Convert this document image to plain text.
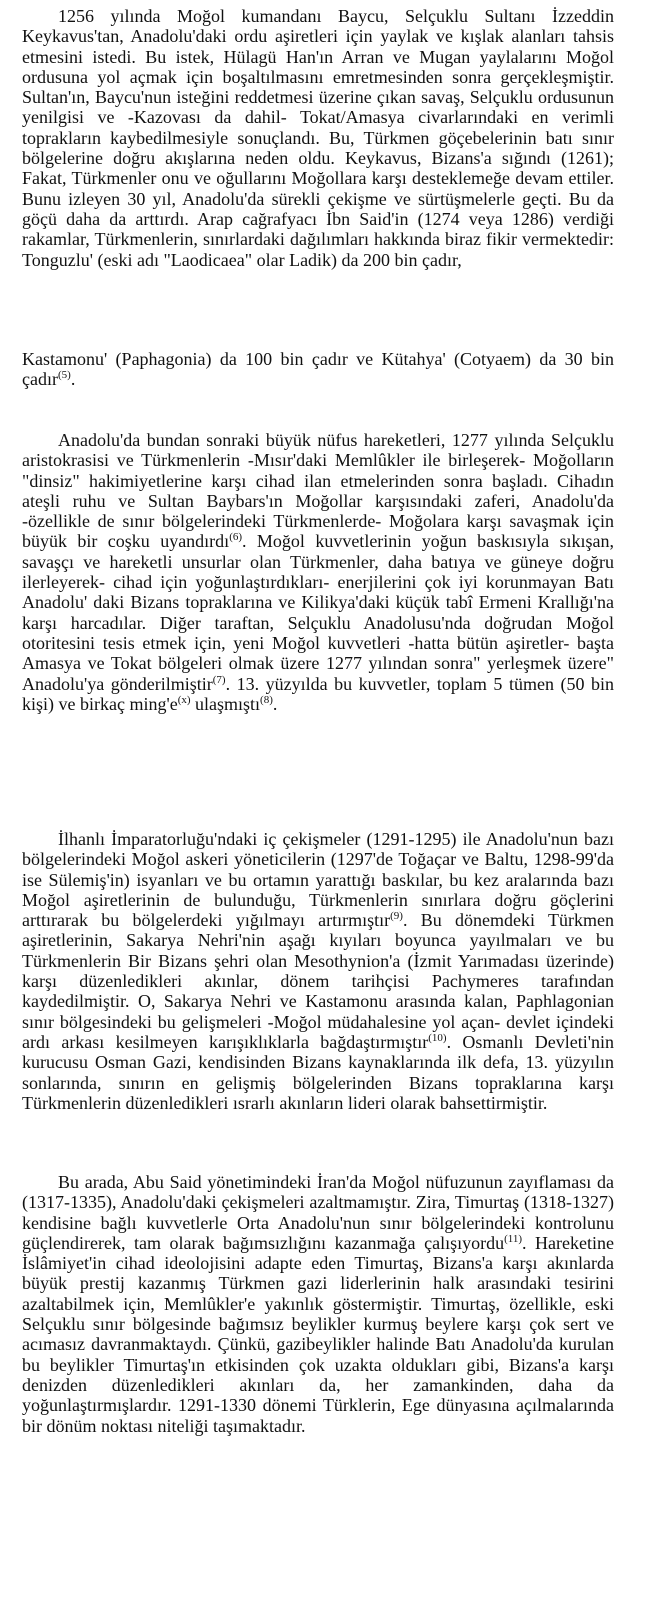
1256 yılında Moğol kumandanı Baycu, Selçuklu Sultanı İzzeddin Keykavus'tan, Anadolu'daki ordu aşiretleri için yaylak ve kışlak alanları tahsis etmesini istedi. Bu istek, Hülagü Han'ın Arran ve Mugan yaylalarını Moğol ordusuna yol açmak için boşaltılmasını emretmesinden sonra gerçekleşmiştir. Sultan'ın, Baycu'nun isteğini reddetmesi üzerine çıkan savaş, Selçuklu ordusunun yenilgisi ve -Kazovası da dahil- Tokat/Amasya civarlarındaki en verimli toprakların kaybedilmesiyle sonuçlandı. Bu, Türkmen göçebelerinin batı sınır bölgelerine doğru akışlarına neden oldu. Keykavus, Bizans'a sığındı (1261); Fakat, Türkmenler onu ve oğullarını Moğollara karşı desteklemeğe devam ettiler. Bunu izleyen 30 yıl, Anadolu'da sürekli çekişme ve sürtüşmelerle geçti. Bu da göçü daha da arttırdı. Arap cağrafyacı İbn Said'in (1274 veya 1286) verdiği rakamlar, Türkmenlerin, sınırlardaki dağılımları hakkında biraz fikir vermektedir: Tonguzlu' (eski adı "Laodicaea" olar Ladik) da 200 bin çadır,

Kastamonu' (Paphagonia) da 100 bin çadır ve Kütahya' (Cotyaem) da 30 bin çadır$^{(5)}$.

Anadolu'da bundan sonraki büyük nüfus hareketleri, 1277 yılında Selçuklu aristokrasisi ve Türkmenlerin -Mısır'daki Memlûkler ile birleşerek- Moğolların "dinsiz" hakimiyetlerine karşı cihad ilan etmelerinden sonra başladı. Cihadın ateşli ruhu ve Sultan Baybars'ın Moğollar karşısındaki zaferi, Anadolu'da -özellikle de sınır bölgelerindeki Türkmenlerde- Moğolara karşı savaşmak için büyük bir coşku uyandırdı$^{(6)}$. Moğol kuvvetlerinin yoğun baskısıyla sıkışan, savaşçı ve hareketli unsurlar olan Türkmenler, daha batıya ve güneye doğru ilerleyerek- cihad için yoğunlaştırdıkları- enerjilerini çok iyi korunmayan Batı Anadolu' daki Bizans topraklarına ve Kilikya'daki küçük tabî Ermeni Krallığı'na karşı harcadılar. Diğer taraftan, Selçuklu Anadolusu'nda doğrudan Moğol otoritesini tesis etmek için, yeni Moğol kuvvetleri -hatta bütün aşiretler- başta Amasya ve Tokat bölgeleri olmak üzere 1277 yılından sonra" yerleşmek üzere" Anadolu'ya gönderilmiştir$^{(7)}$. 13. yüzyılda bu kuvvetler, toplam 5 tümen (50 bin kişi) ve birkaç $\min g'e^{(x)}$ ulaşmıştı$^{(8)}$.

İlhanlı İmparatorluğu'ndaki iç çekişmeler (1291-1295) ile Anadolu'nun bazı bölgelerindeki Moğol askeri yöneticilerin (1297'de Toğaçar ve Baltu, 1298-99'da ise Sülemiş'in) isyanları ve bu ortamın yarattığı baskılar, bu kez aralarında bazı Moğol aşiretlerinin de bulunduğu, Türkmenlerin sınırlara doğru göçlerini arttırarak bu bölgelerdeki yığılmayı artırmıştır$^{(9)}$. Bu dönemdeki Türkmen aşiretlerinin, Sakarya Nehri'nin aşağı kıyıları boyunca yayılmaları ve bu Türkmenlerin Bir Bizans şehri olan Mesothynion'a (İzmit Yarımadası üzerinde) karşı düzenledikleri akınlar, dönem tarihçisi Pachymeres tarafından kaydedilmiştir. O, Sakarya Nehri ve Kastamonu arasında kalan, Paphlagonian sınır bölgesindeki bu gelişmeleri -Moğol müdahalesine yol açan- devlet içindeki ardı arkası kesilmeyen karışıklıklarla bağdaştırmıştır$^{(10)}$. Osmanlı Devleti'nin kurucusu Osman Gazi, kendisinden Bizans kaynaklarında ilk defa, 13. yüzyılın sonlarında, sınırın en gelişmiş bölgelerinden Bizans topraklarına karşı Türkmenlerin düzenledikleri ısrarlı akınların lideri olarak bahsettirmiştir.

Bu arada, Abu Said yönetimindeki İran'da Moğol nüfuzunun zayıflaması da (1317-1335), Anadolu'daki çekişmeleri azaltmamıştır. Zira, Timurtaş (1318-1327) kendisine bağlı kuvvetlerle Orta Anadolu'nun sınır bölgelerindeki kontrolunu güçlendirerek, tam olarak bağımsızlığını kazanmağa çalışıyordu$^{(11)}$. Hareketine İslâmiyet'in cihad ideolojisini adapte eden Timurtaş, Bizans'a karşı akınlarda büyük prestij kazanmış Türkmen gazi liderlerinin halk arasındaki tesirini azaltabilmek için, Memlûkler'e yakınlık göstermiştir. Timurtaş, özellikle, eski Selçuklu sınır bölgesinde bağımsız beylikler kurmuş beylere karşı çok sert ve acımasız davranmaktaydı. Çünkü, gazibeylikler halinde Batı Anadolu'da kurulan bu beylikler Timurtaş'ın etkisinden çok uzakta oldukları gibi, Bizans'a karşı denizden düzenledikleri akınları da, her zamankinden, daha da yoğunlaştırmışlardır. 1291-1330 dönemi Türklerin, Ege dünyasına açılmalarında bir dönüm noktası niteliği taşımaktadır.
